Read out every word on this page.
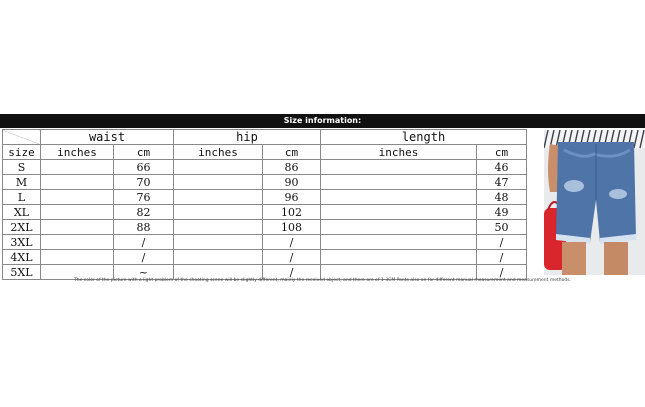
Size information:
	waist		hip		length	
size	inches	cm	inches	cm	inches	cm
S		66		86		46
M		70		90		47
L		76		96		48
XL		82		102		49
2XL		88		108		50
3XL		/		/		/
4XL		/		/		/
5XL		~		/		/
The color of the picture with a light problem of the shooting scene will be slightly different, mainly the received object, and there are of 1-3CM Pants also an for different manual measurement and measurement methods.
